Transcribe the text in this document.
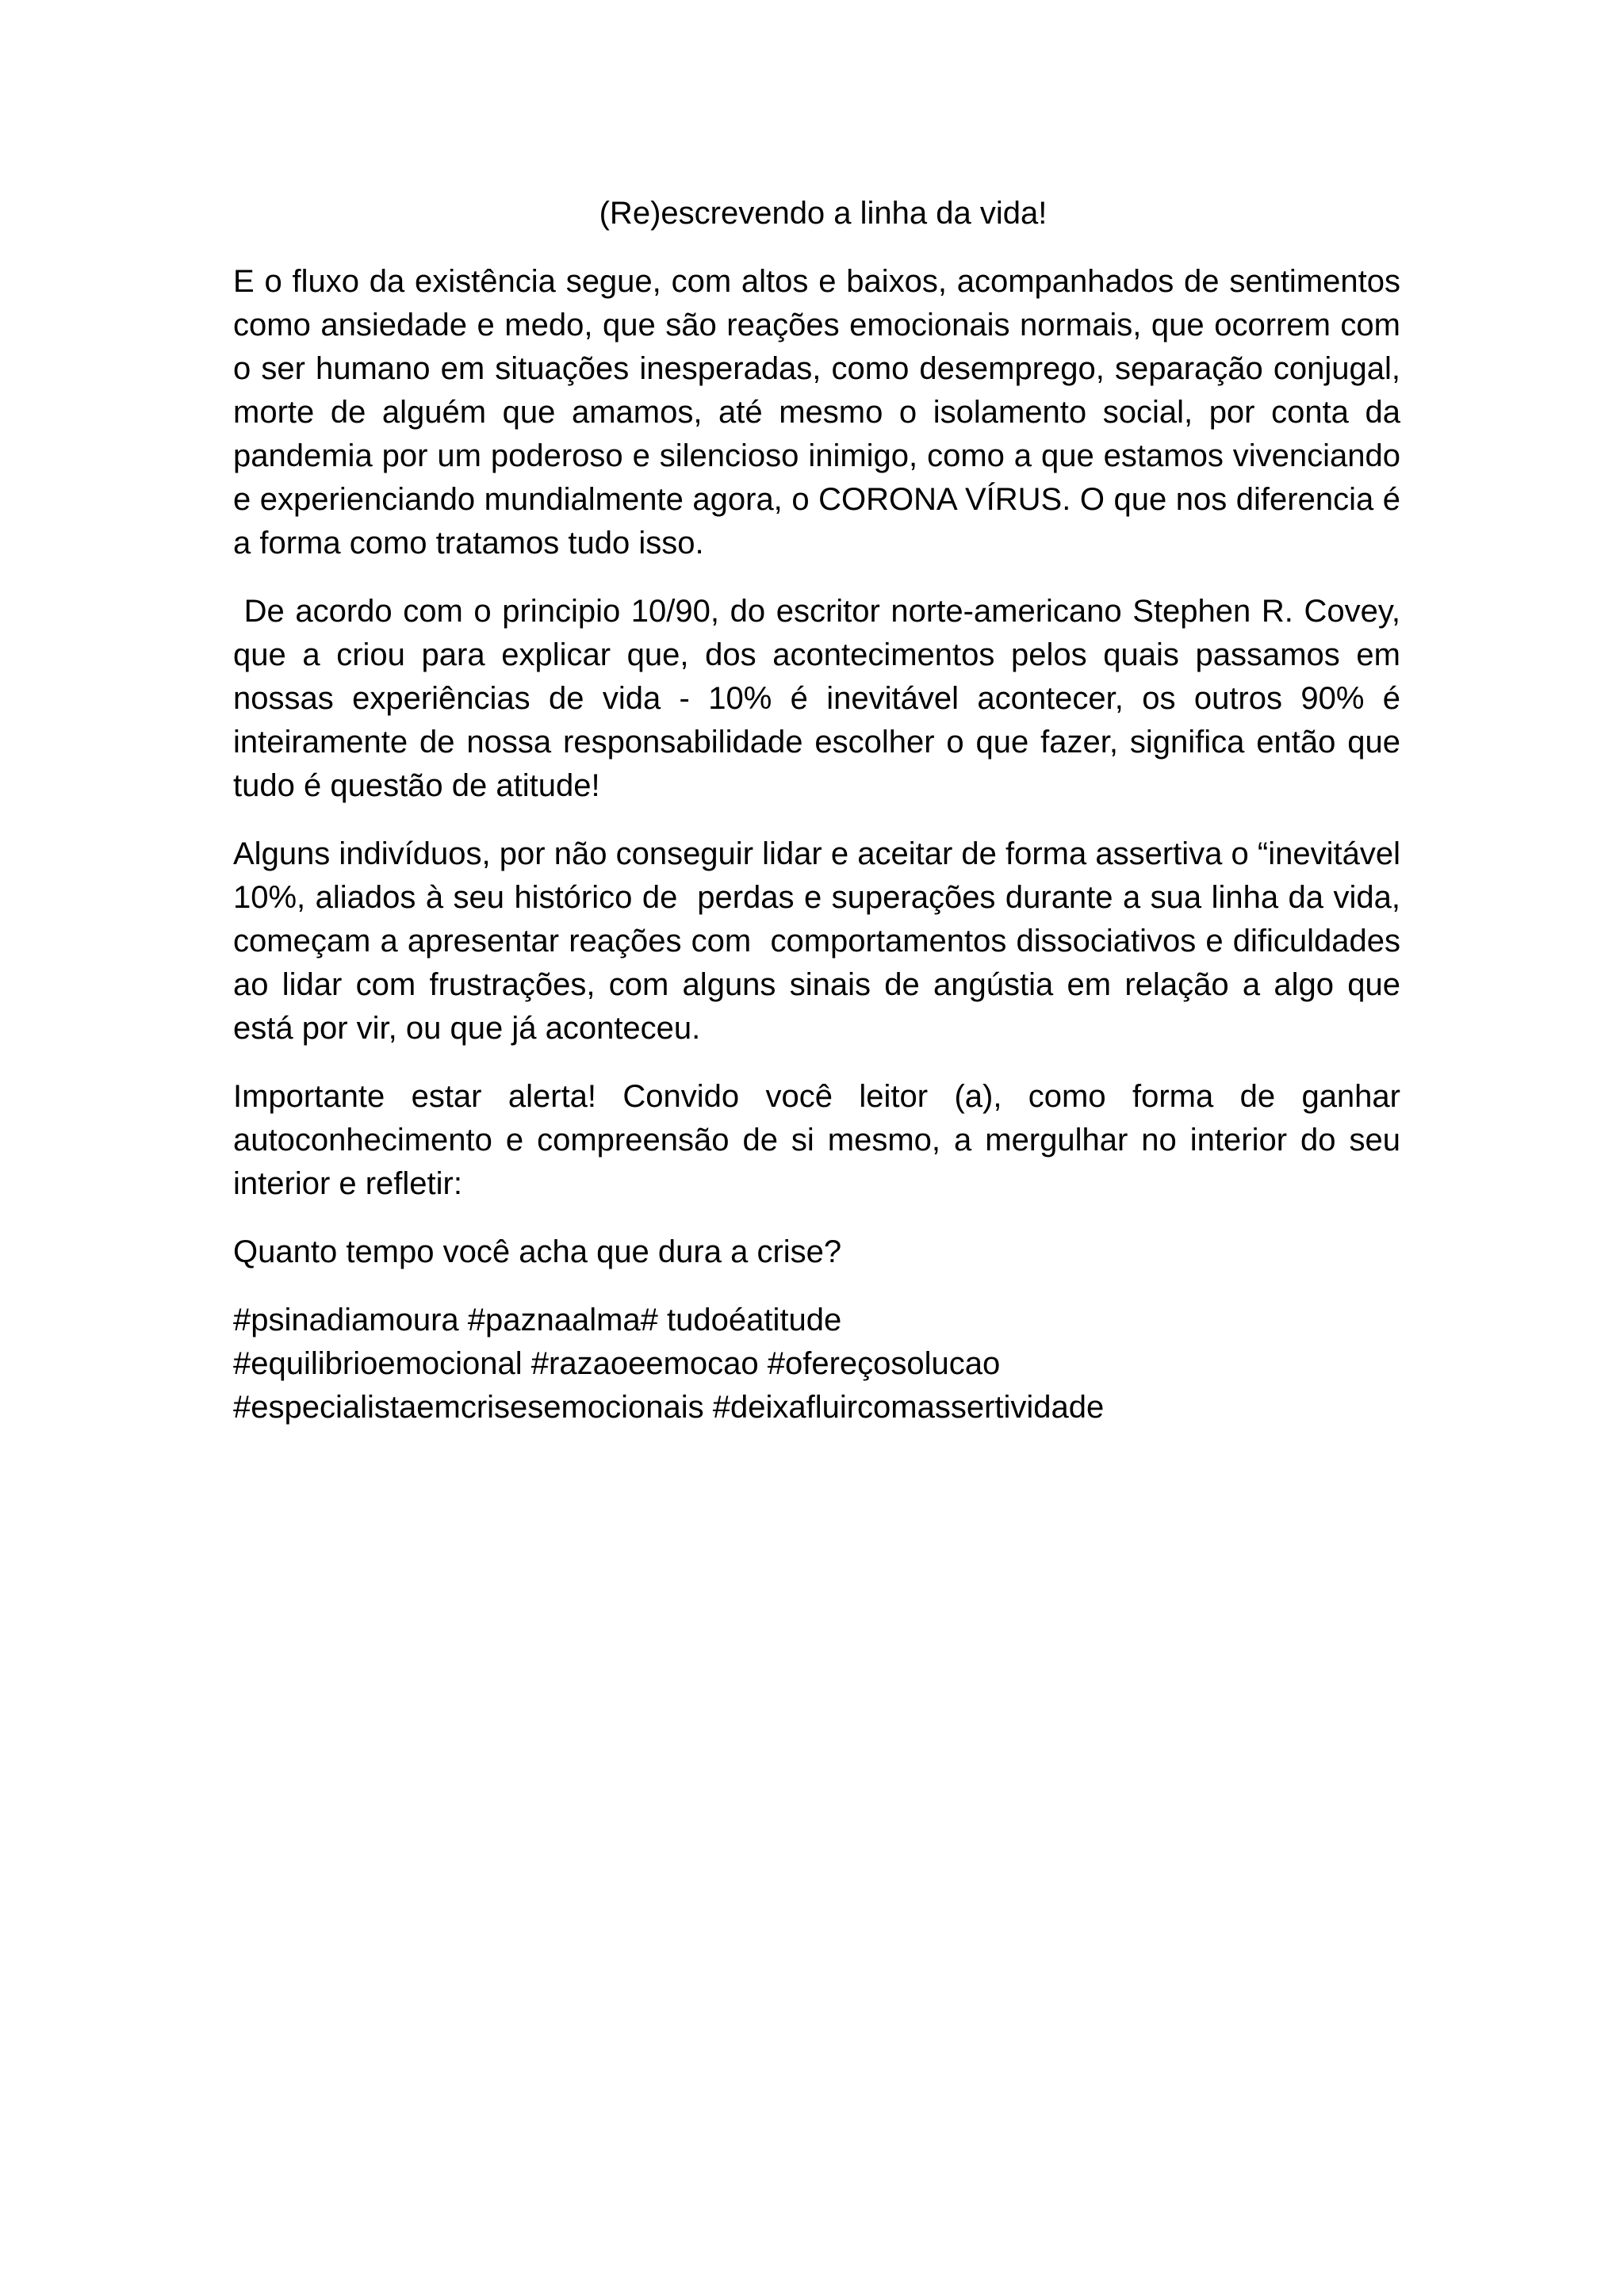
(Re)escrevendo a linha da vida!

E o fluxo da existência segue, com altos e baixos, acompanhados de sentimentos como ansiedade e medo, que são reações emocionais normais, que ocorrem com o ser humano em situações inesperadas, como desemprego, separação conjugal, morte de alguém que amamos, até mesmo o isolamento social, por conta da pandemia por um poderoso e silencioso inimigo, como a que estamos vivenciando e experienciando mundialmente agora, o CORONA VÍRUS. O que nos diferencia é a forma como tratamos tudo isso.

De acordo com o principio 10/90, do escritor norte-americano Stephen R. Covey, que a criou para explicar que, dos acontecimentos pelos quais passamos em nossas experiências de vida - 10% é inevitável acontecer, os outros 90% é inteiramente de nossa responsabilidade escolher o que fazer, significa então que tudo é questão de atitude!

Alguns indivíduos, por não conseguir lidar e aceitar de forma assertiva o “inevitável 10%, aliados à seu histórico de  perdas e superações durante a sua linha da vida,  começam a apresentar reações com  comportamentos dissociativos e dificuldades ao lidar com frustrações, com alguns sinais de angústia em relação a algo que está por vir, ou que já aconteceu.

Importante estar alerta! Convido você leitor (a), como forma de ganhar autoconhecimento e compreensão de si mesmo, a mergulhar no interior do seu interior e refletir:

Quanto tempo você acha que dura a crise?

#psinadiamoura #paznaalma# tudoéatitude
#equilibrioemocional #razaoeemocao #ofereçosolucao
#especialistaemcrisesemocionais #deixafluircomassertividade
